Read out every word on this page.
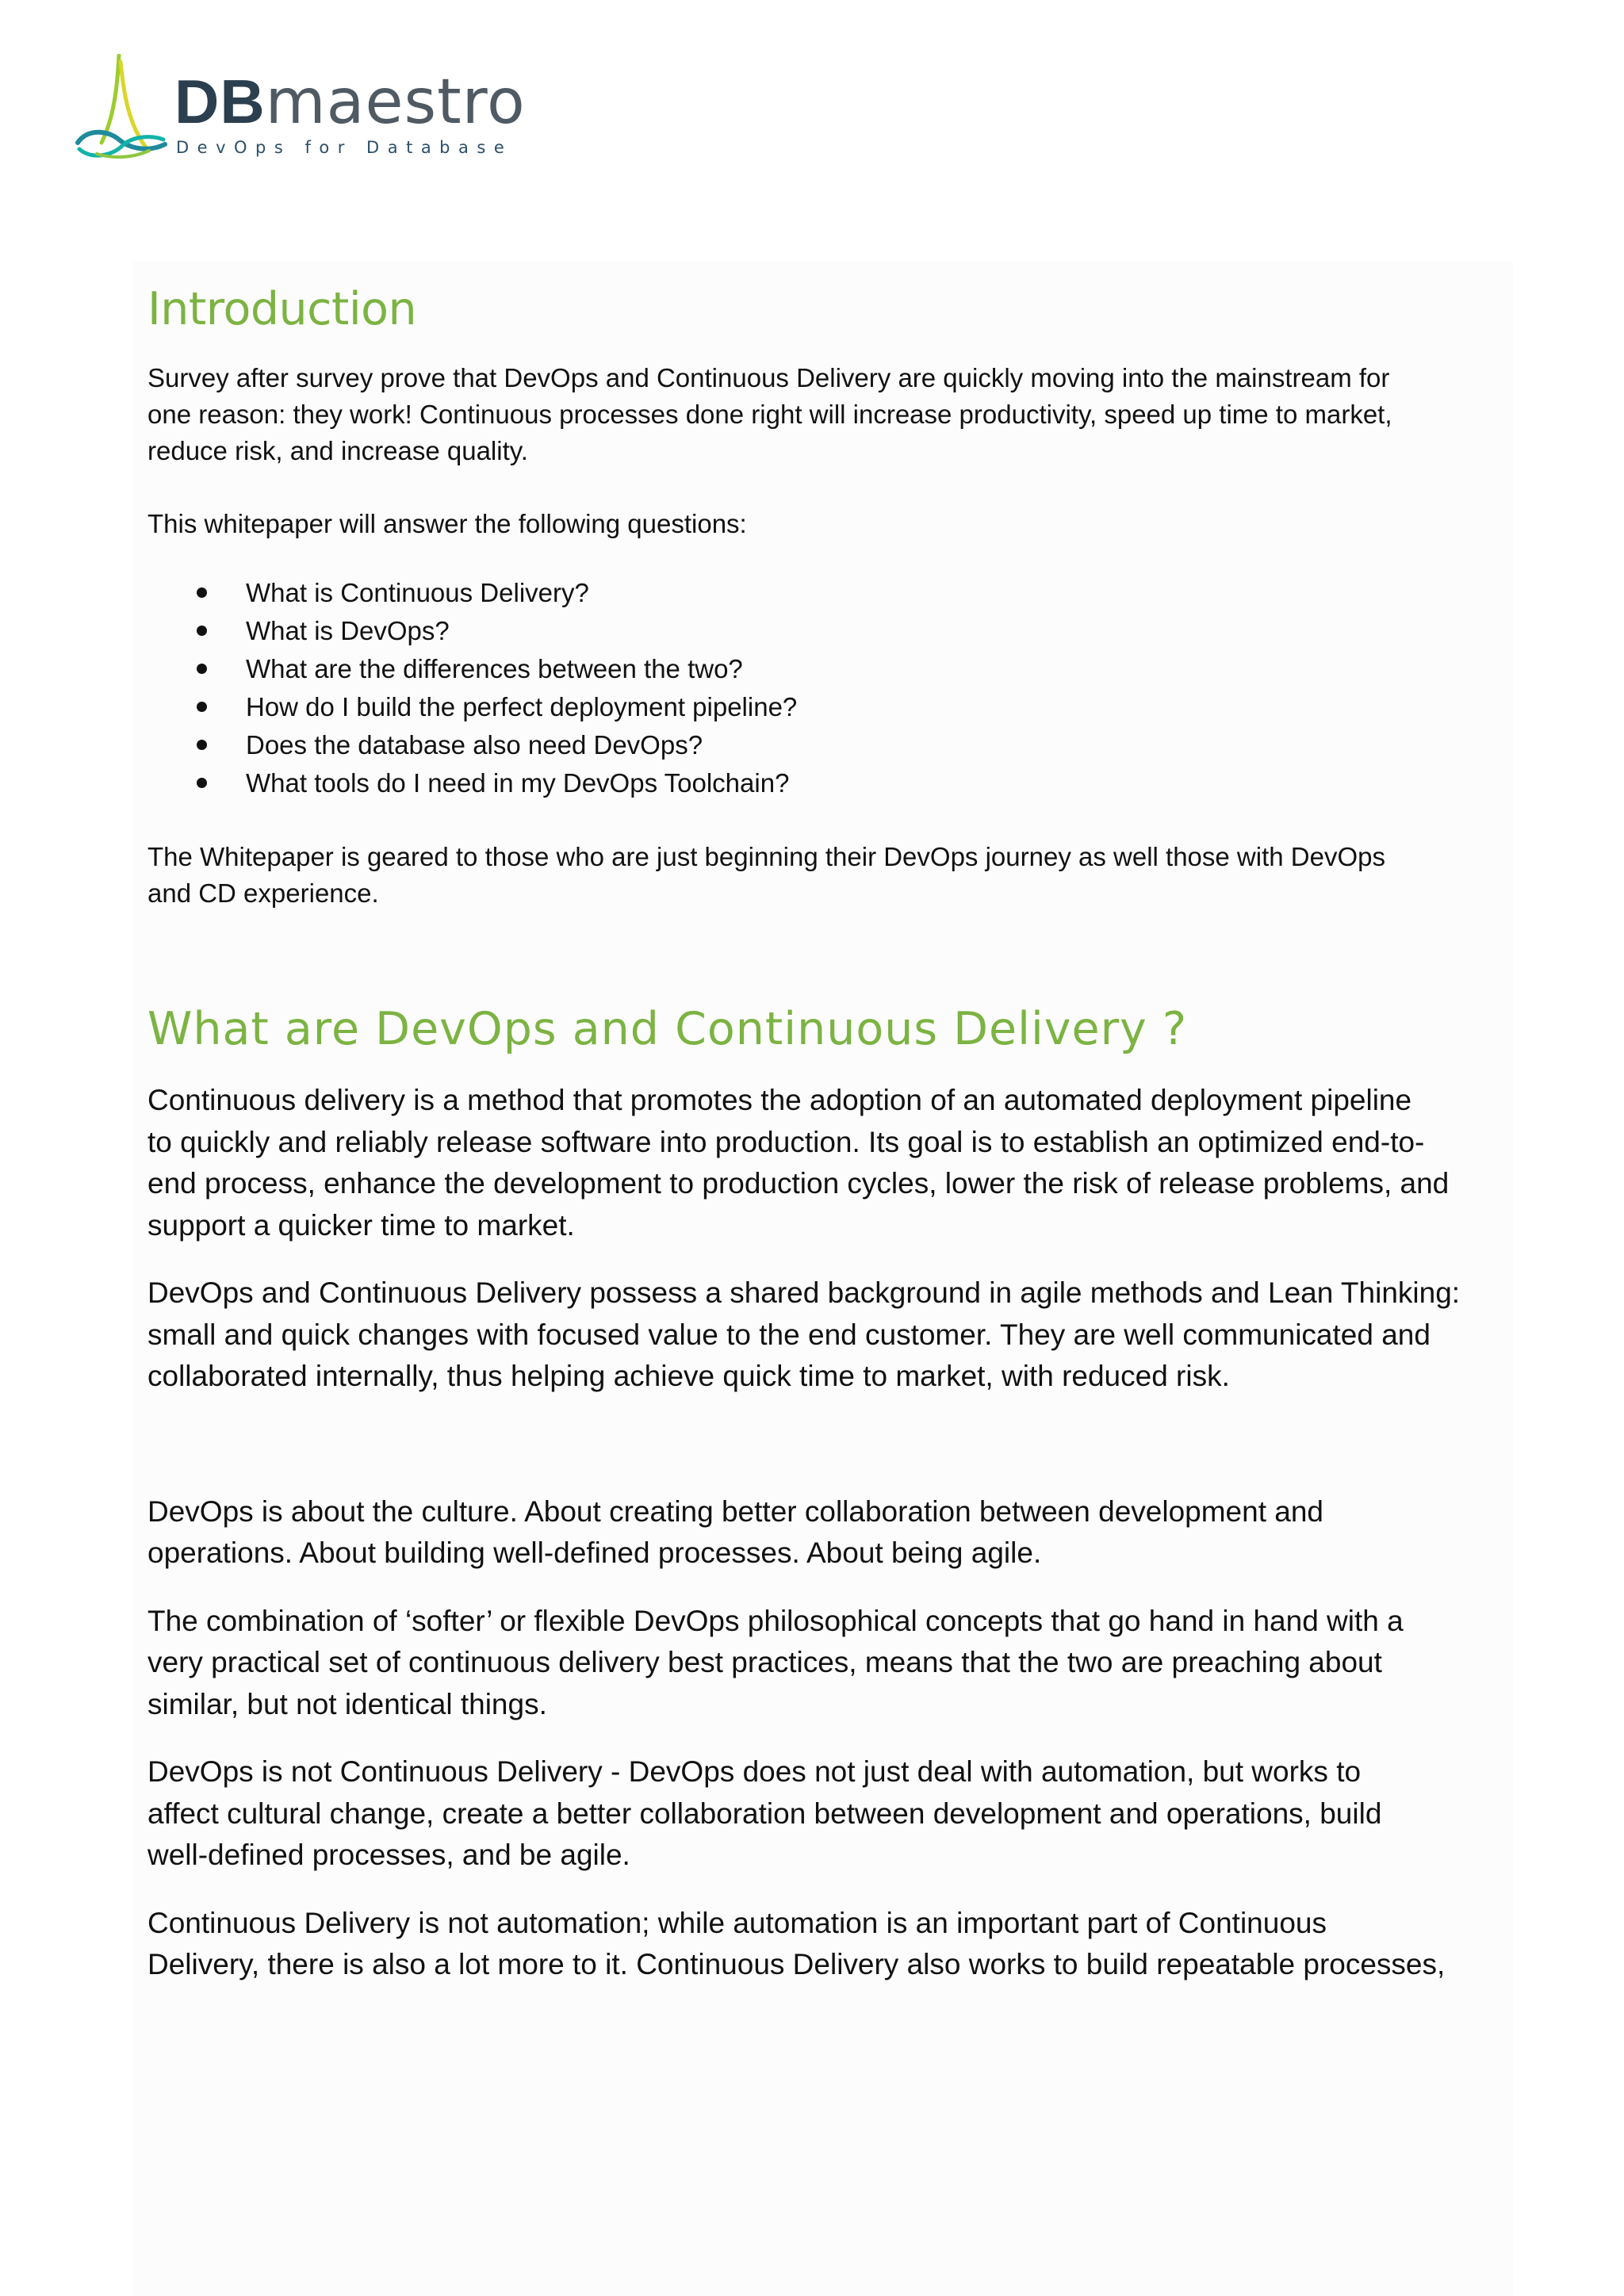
DBmaestro
DevOps for Database
Introduction

Survey after survey prove that DevOps and Continuous Delivery are quickly moving into the mainstream for

one reason: they work! Continuous processes done right will increase productivity, speed up time to market,

reduce risk, and increase quality.

This whitepaper will answer the following questions:

What is Continuous Delivery?
What is DevOps?
What are the differences between the two?
How do I build the perfect deployment pipeline?
Does the database also need DevOps?
What tools do I need in my DevOps Toolchain?

The Whitepaper is geared to those who are just beginning their DevOps journey as well those with DevOps

and CD experience.

What are DevOps and Continuous Delivery ?

Continuous delivery is a method that promotes the adoption of an automated deployment pipeline

to quickly and reliably release software into production. Its goal is to establish an optimized end-to-

end process, enhance the development to production cycles, lower the risk of release problems, and

support a quicker time to market.

DevOps and Continuous Delivery possess a shared background in agile methods and Lean Thinking:

small and quick changes with focused value to the end customer. They are well communicated and

collaborated internally, thus helping achieve quick time to market, with reduced risk.

DevOps is about the culture. About creating better collaboration between development and

operations. About building well-defined processes. About being agile.

The combination of ‘softer’ or flexible DevOps philosophical concepts that go hand in hand with a

very practical set of continuous delivery best practices, means that the two are preaching about

similar, but not identical things.

DevOps is not Continuous Delivery - DevOps does not just deal with automation, but works to

affect cultural change, create a better collaboration between development and operations, build

well-defined processes, and be agile.

Continuous Delivery is not automation; while automation is an important part of Continuous

Delivery, there is also a lot more to it. Continuous Delivery also works to build repeatable processes,
